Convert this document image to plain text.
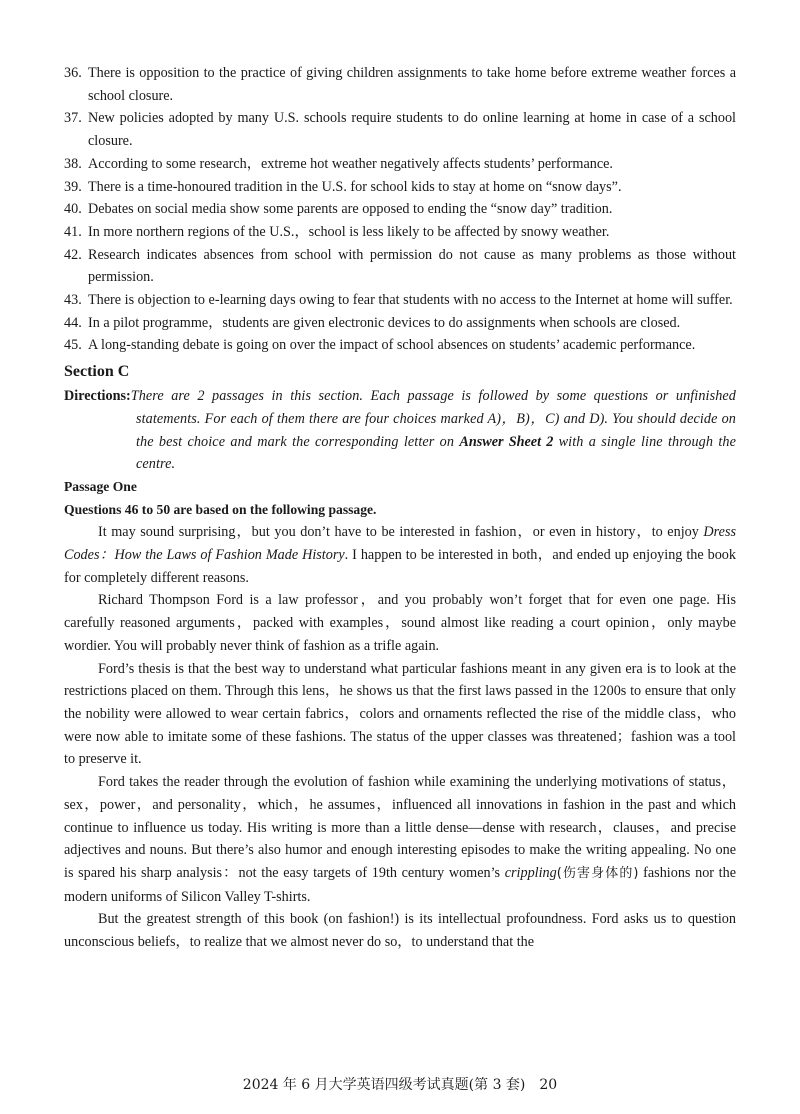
36. There is opposition to the practice of giving children assignments to take home before extreme weather forces a school closure.

37. New policies adopted by many U.S. schools require students to do online learning at home in case of a school closure.

38. According to some research，extreme hot weather negatively affects students’ performance.

39. There is a time-honoured tradition in the U.S. for school kids to stay at home on “snow days”.

40. Debates on social media show some parents are opposed to ending the “snow day” tradition.

41. In more northern regions of the U.S.，school is less likely to be affected by snowy weather.

42. Research indicates absences from school with permission do not cause as many problems as those without permission.

43. There is objection to e-learning days owing to fear that students with no access to the Internet at home will suffer.

44. In a pilot programme，students are given electronic devices to do assignments when schools are closed.

45. A long-standing debate is going on over the impact of school absences on students’ academic performance.

Section C

Directions:There are 2 passages in this section. Each passage is followed by some questions or unfinished statements. For each of them there are four choices marked A)，B)，C) and D). You should decide on the best choice and mark the corresponding letter on Answer Sheet 2 with a single line through the centre.

Passage One

Questions 46 to 50 are based on the following passage.

It may sound surprising，but you don’t have to be interested in fashion，or even in history，to enjoy Dress Codes：How the Laws of Fashion Made History. I happen to be interested in both，and ended up enjoying the book for completely different reasons.

Richard Thompson Ford is a law professor，and you probably won’t forget that for even one page. His carefully reasoned arguments，packed with examples，sound almost like reading a court opinion，only maybe wordier. You will probably never think of fashion as a trifle again.

Ford’s thesis is that the best way to understand what particular fashions meant in any given era is to look at the restrictions placed on them. Through this lens，he shows us that the first laws passed in the 1200s to ensure that only the nobility were allowed to wear certain fabrics，colors and ornaments reflected the rise of the middle class，who were now able to imitate some of these fashions. The status of the upper classes was threatened；fashion was a tool to preserve it.

Ford takes the reader through the evolution of fashion while examining the underlying motivations of status，sex，power，and personality，which，he assumes，influenced all innovations in fashion in the past and which continue to influence us today. His writing is more than a little dense—dense with research，clauses，and precise adjectives and nouns. But there’s also humor and enough interesting episodes to make the writing appealing. No one is spared his sharp analysis：not the easy targets of 19th century women’s crippling(伤害身体的) fashions nor the modern uniforms of Silicon Valley T-shirts.

But the greatest strength of this book (on fashion!) is its intellectual profoundness. Ford asks us to question unconscious beliefs，to realize that we almost never do so，to understand that the

2024 年 6 月大学英语四级考试真题(第 3 套)　20
